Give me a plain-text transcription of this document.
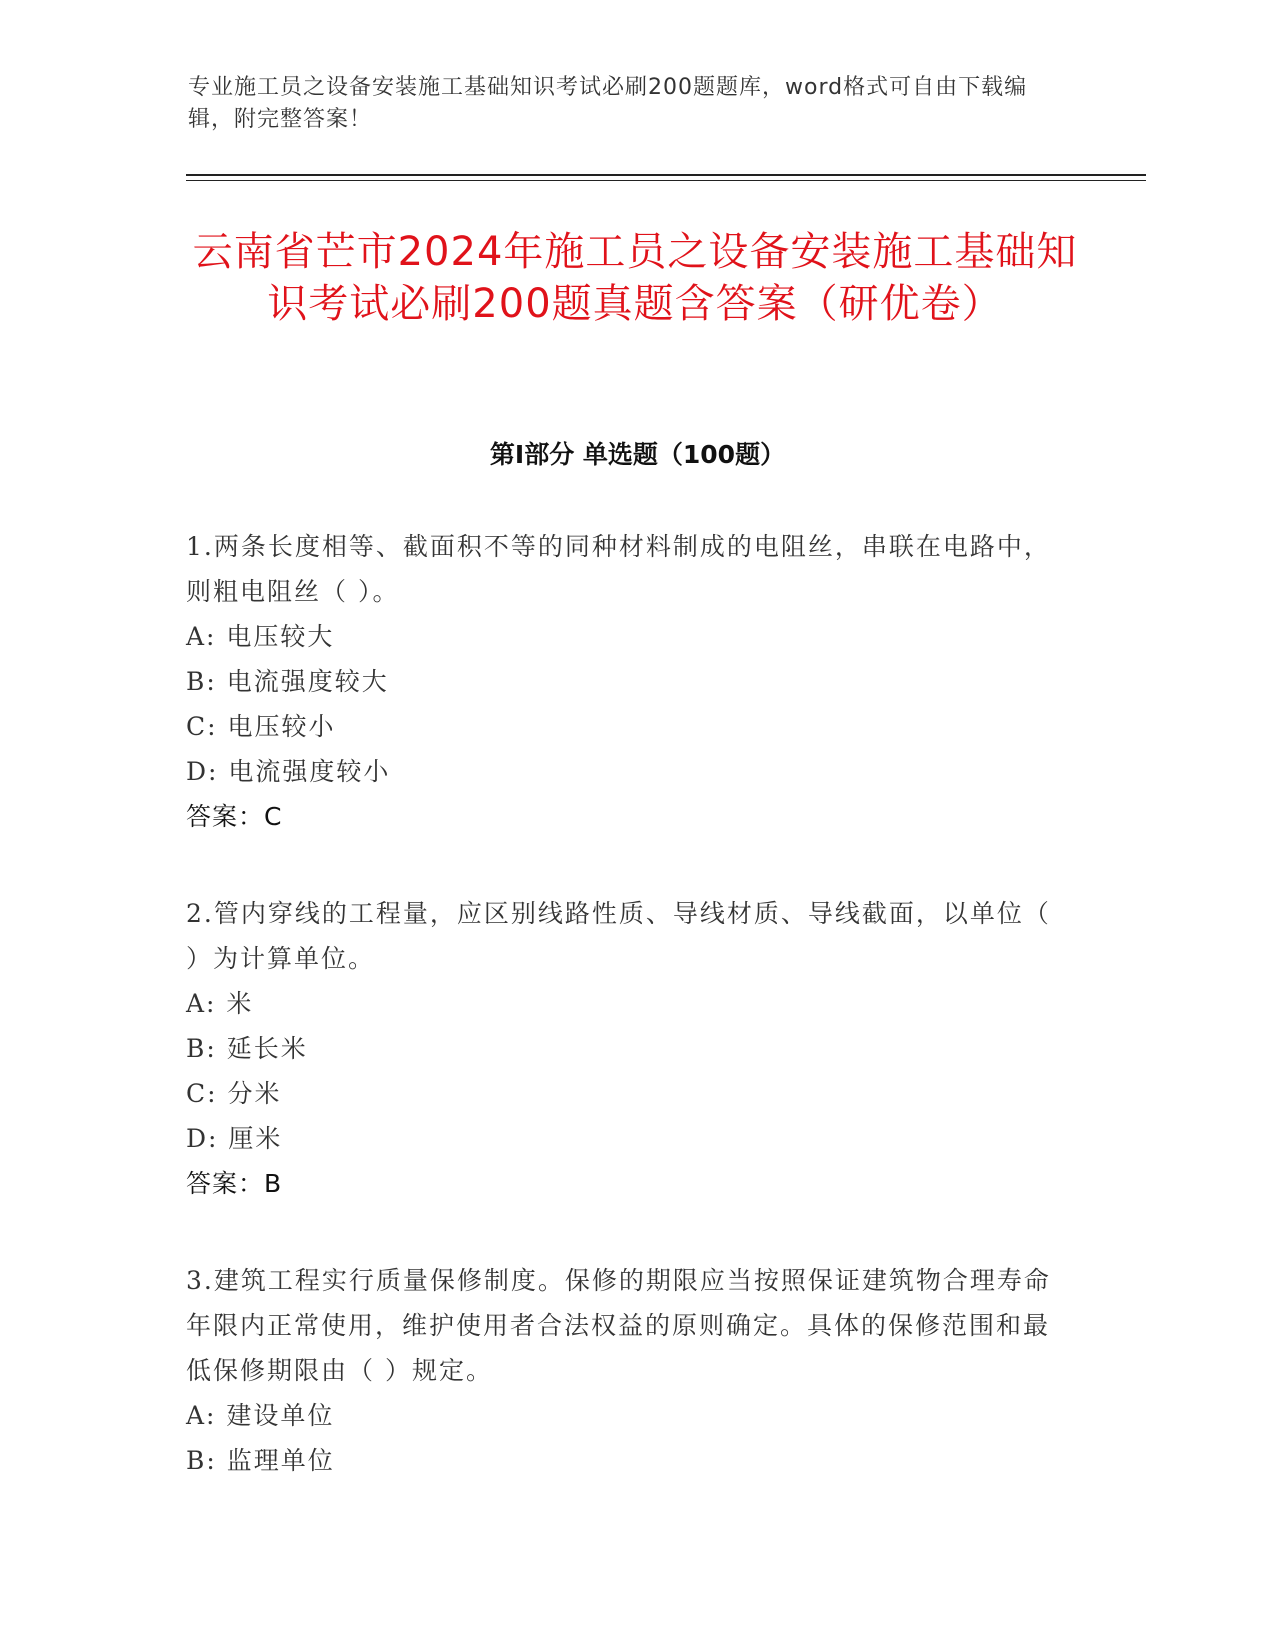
专业施工员之设备安装施工基础知识考试必刷200题题库，word格式可自由下载编辑，附完整答案！
云南省芒市2024年施工员之设备安装施工基础知识考试必刷200题真题含答案（研优卷）
第Ⅰ部分 单选题（100题）
1.两条长度相等、截面积不等的同种材料制成的电阻丝，串联在电路中，则粗电阻丝（ ）。
A: 电压较大
B: 电流强度较大
C: 电压较小
D: 电流强度较小
答案：C
2.管内穿线的工程量，应区别线路性质、导线材质、导线截面，以单位（ ）为计算单位。
A: 米
B: 延长米
C: 分米
D: 厘米
答案：B
3.建筑工程实行质量保修制度。保修的期限应当按照保证建筑物合理寿命年限内正常使用，维护使用者合法权益的原则确定。具体的保修范围和最低保修期限由（ ）规定。
A: 建设单位
B: 监理单位
